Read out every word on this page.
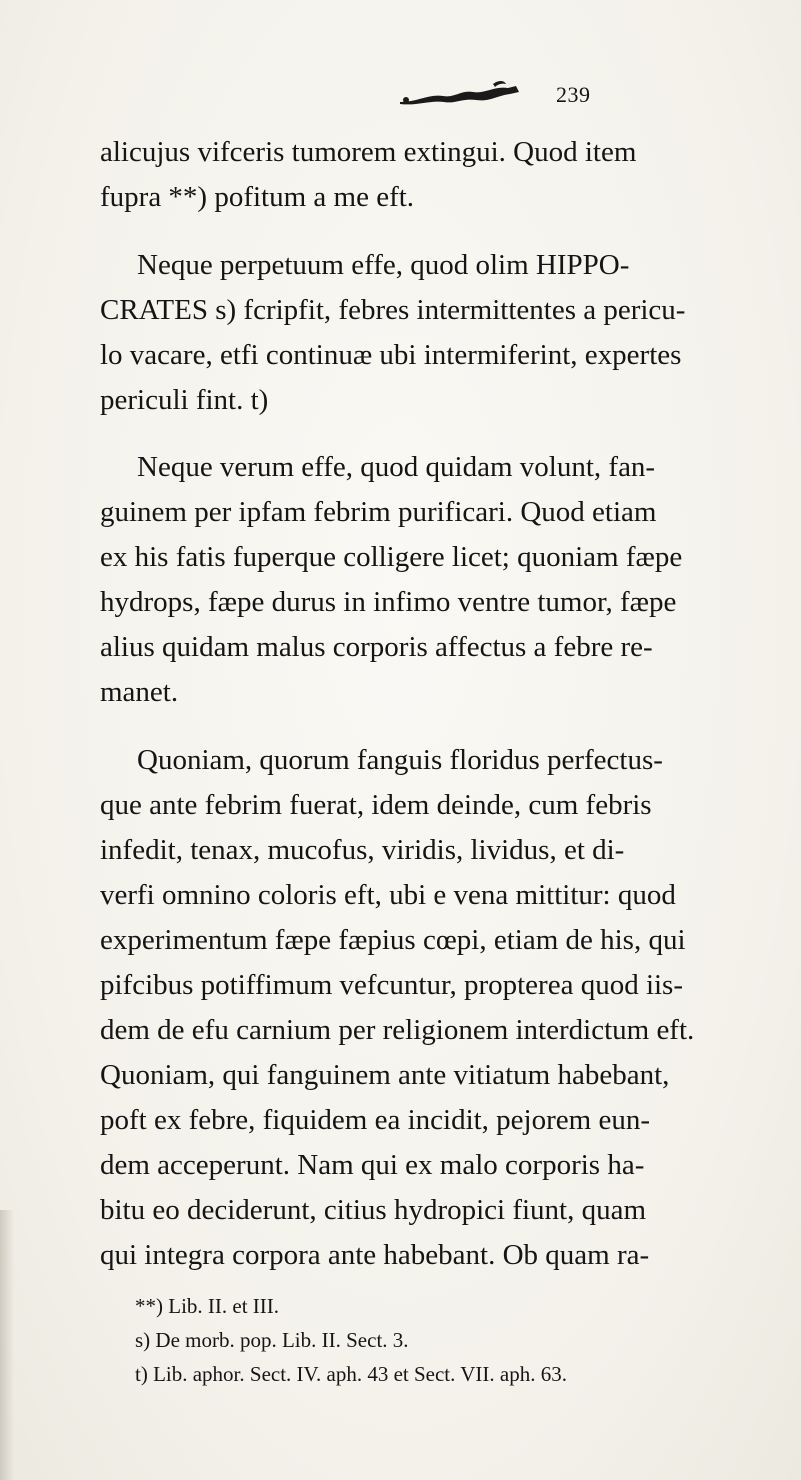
239
alicujus vifceris tumorem extingui. Quod item
fupra **) pofitum a me eft.
Neque perpetuum effe, quod olim HIPPO-
CRATES s) fcripfit, febres intermittentes a pericu-
lo vacare, etfi continuæ ubi intermiferint, expertes
periculi fint. t)
Neque verum effe, quod quidam volunt, fan-
guinem per ipfam febrim purificari. Quod etiam
ex his fatis fuperque colligere licet; quoniam fæpe
hydrops, fæpe durus in infimo ventre tumor, fæpe
alius quidam malus corporis affectus a febre re-
manet.
Quoniam, quorum fanguis floridus perfectus-
que ante febrim fuerat, idem deinde, cum febris
infedit, tenax, mucofus, viridis, lividus, et di-
verfi omnino coloris eft, ubi e vena mittitur: quod
experimentum fæpe fæpius cœpi, etiam de his, qui
pifcibus potiffimum vefcuntur, propterea quod iis-
dem de efu carnium per religionem interdictum eft.
Quoniam, qui fanguinem ante vitiatum habebant,
poft ex febre, fiquidem ea incidit, pejorem eun-
dem acceperunt. Nam qui ex malo corporis ha-
bitu eo deciderunt, citius hydropici fiunt, quam
qui integra corpora ante habebant. Ob quam ra-
**) Lib. II. et III.
s) De morb. pop. Lib. II. Sect. 3.
t) Lib. aphor. Sect. IV. aph. 43 et Sect. VII. aph. 63.
